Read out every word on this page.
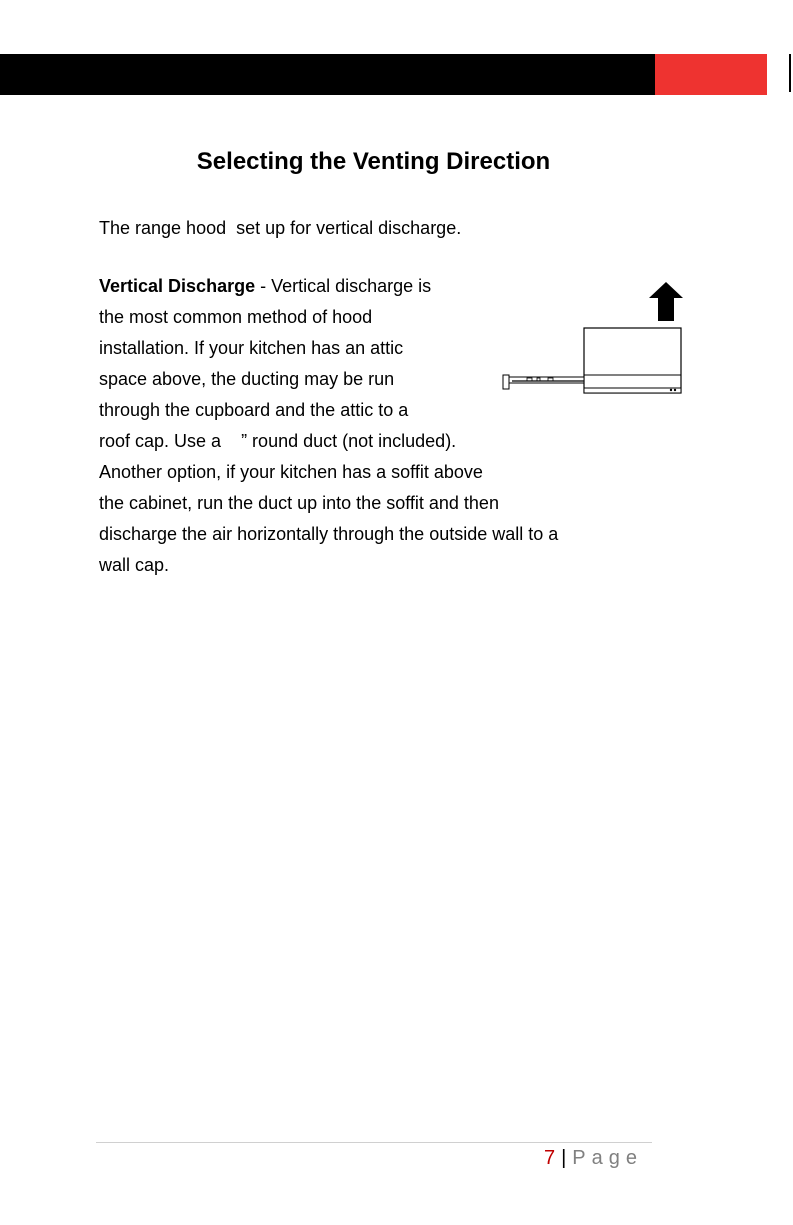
Selecting the Venting Direction

The range hood  set up for vertical discharge.

Vertical Discharge - Vertical discharge is
the most common method of hood
installation. If your kitchen has an attic
space above, the ducting may be run
through the cupboard and the attic to a
roof cap. Use a    ” round duct (not included).
Another option, if your kitchen has a soffit above
the cabinet, run the duct up into the soffit and then
discharge the air horizontally through the outside wall to a
wall cap.
7 | Page
